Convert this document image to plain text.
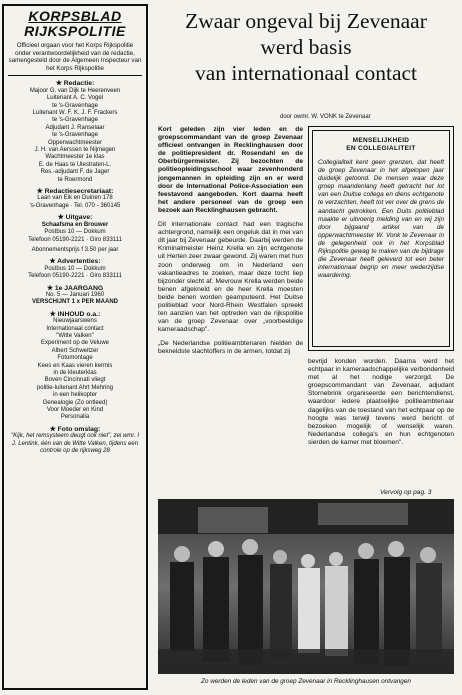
KORPSBLAD
RIJKSPOLITIE
Officieel orgaan voor het Korps Rijkspolitie onder verantwoordelijkheid van de redactie, samengesteld door de Algemeen Inspecteur van het Korps Rijkspolitie
★ Redactie:
Majoor G. van Dijk te Heerenveen
Luitenant A. C. Vogel
te 's-Gravenhage
Luitenant W. F. K. J. F. Frackers
te 's-Gravenhage
Adjudant J. Ranselaar
te 's-Gravenhage
Opperwachtmeester
J. H. van Aerssen te Nijmegen
Wachtmeester 1e klas
E. de Haas te Ulestraten-L.
Res.-adjudant F. de Jager
te Roermond
★ Redactiesecretariaat:
Laan van Eik en Duinen 178
's-Gravenhage · Tel. 070 - 360145
★ Uitgave:
Schaafsma en Brouwer
Postbus 10 — Dokkum
Telefoon 05190-2221 · Giro 833111
Abonnementsprijs f 3.50 per jaar
★ Advertenties:
Postbus 10 — Dokkum
Telefoon 05190-2221 · Giro 833111
★ 1e JAARGANG
No. 5 — Januari 1960
VERSCHIJNT 1 x PER MAAND
★ INHOUD o.a.:
Nieuwjaarswens
Internationaal contact
"Witte Valken"
Experiment op de Veluwe
Albert Schweitzer
Fotomontage
Kees en Kaas vieren kermis
in de kleuterklas
Boven Cincinnati vliegt
politie-luitenant Ahrt Mehring
in een helikopter
Genealogie (Zo ontleed)
Voor Moeder en Kind
Personalia
★ Foto omslag:
"Kijk, het remsysteem deugt ook niet", zei wmr. I J. Lentink, één van de Witte Valken, tijdens een controle op de rijksweg 28
Zwaar ongeval bij Zevenaar
werd basis
van internationaal contact
door owmr. W. VONK te Zevenaar

Kort geleden zijn vier leden en de groepscommandant van de groep Zevenaar officieel ontvangen in Recklinghausen door de politiepresident dr. Rosendahl en de Oberbürgermeister. Zij bezochten de politieopleidingsschool waar zevenhonderd jongemannen in opleiding zijn en er werd door de International Police-Association een feestavond aangeboden. Kort daarna heeft het andere personeel van de groep een bezoek aan Recklinghausen gebracht.

Dit internationale contact had een tragische achtergrond, namelijk een ongeluk dat in mei van dit jaar bij Zevenaar gebeurde. Daarbij werden de Kriminalmeister Heinz Krella en zijn echtgenote uit Herten zeer zwaar gewond. Zij waren met hun zoon onderweg om in Nederland een vakantieadres te zoeken, maar deze tocht liep bijzonder slecht af. Mevrouw Krella werden beide benen afgekneld en de heer Krella moesten beide benen worden geamputeerd. Het Duitse politieblad voor Nord-Rhein Westfalen spreekt ten aanzien van het optreden van de rijkspolitie van de groep Zevenaar over „voorbeeldige kameraadschap".

„De Nederlandse politieambtenaren hielden de bekneldste slachtoffers in de armen, totdat zij

MENSELIJKHEID
EN COLLEGIALITEIT
Collegialiteit kent geen grenzen, dat heeft de groep Zevenaar in het afgelopen jaar duidelijk getoond. De mensen waar deze groep maandenlang heeft getracht het lot van een Duitse collega en diens echtgenote te verzachten, heeft tot ver over de grens de aandacht getrokken. Een Duits politieblad maakte er uitvoerig melding van en wij zijn door bijgaand artikel van de opperwachtmeester W. Vonk te Zevenaar in de gelegenheid ook in het Korpsblad Rijkspolitie gewag te maken van de bijdrage die Zevenaar heeft geleverd tot een beter internationaal begrip en meer wederzijdse waardering.
bevrijd konden worden. Daarna werd het echtpaar in kameraadschappelijke verbondenheid met al het nodige verzorgd. De groepscommandant van Zevenaar, adjudant Stornebrink organiseerde een berichtendienst, waardoor iedere plaatselijke politieambtenaar dagelijks van de toestand van het echtpaar op de hoogte was terwijl tevens werd bericht of bezoeken mogelijk of wenselijk waren. Nederlandse collega's en hun echtgenoten sierden de kamer met bloemen".
Vervolg op pag. 3
Zo werden de leden van de groep Zevenaar in Recklinghausen ontvangen
